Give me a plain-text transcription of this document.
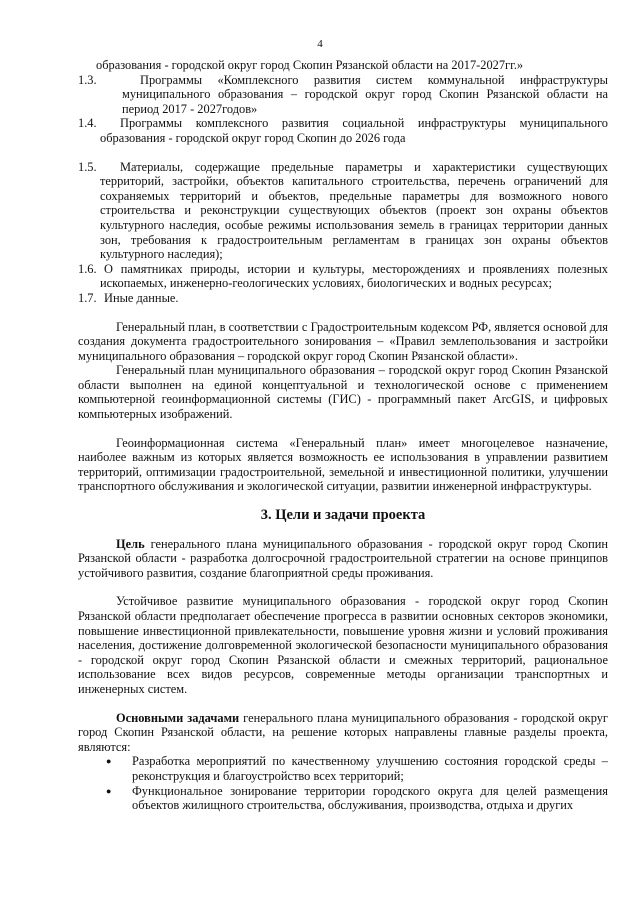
4
образования - городской округ город Скопин Рязанской области на 2017-2027гг.»
1.3.	Программы «Комплексного развития систем коммунальной инфраструктуры муниципального образования – городской округ город Скопин Рязанской области на период 2017 - 2027годов»
1.4.	Программы комплексного развития социальной инфраструктуры муниципального образования - городской округ город Скопин до 2026 года
1.5.	Материалы, содержащие предельные параметры и характеристики существующих территорий, застройки, объектов капитального строительства, перечень ограничений для сохраняемых территорий и объектов, предельные параметры для возможного нового строительства и реконструкции существующих объектов (проект зон охраны объектов культурного наследия, особые режимы использования земель в границах территории данных зон, требования к градостроительным регламентам в границах зон охраны объектов культурного наследия);
1.6. О памятниках природы, истории и культуры, месторождениях и проявлениях полезных ископаемых, инженерно-геологических условиях, биологических и водных ресурсах;
1.7. Иные данные.
Генеральный план, в соответствии с Градостроительным кодексом РФ, является основой для создания документа градостроительного зонирования – «Правил землепользования и застройки муниципального образования – городской округ город Скопин Рязанской области».
Генеральный план муниципального образования – городской округ город Скопин Рязанской области выполнен на единой концептуальной и технологической основе с применением компьютерной геоинформационной системы (ГИС) - программный пакет ArcGIS, и цифровых компьютерных изображений.
Геоинформационная система «Генеральный план» имеет многоцелевое назначение, наиболее важным из которых является возможность ее использования в управлении развитием территорий, оптимизации градостроительной, земельной и инвестиционной политики, улучшении транспортного обслуживания и экологической ситуации, развитии инженерной инфраструктуры.
3. Цели и задачи проекта
Цель генерального плана муниципального образования - городской округ город Скопин Рязанской области - разработка долгосрочной градостроительной стратегии на основе принципов устойчивого развития, создание благоприятной среды проживания.
Устойчивое развитие муниципального образования - городской округ город Скопин Рязанской области предполагает обеспечение прогресса в развитии основных секторов экономики, повышение инвестиционной привлекательности, повышение уровня жизни и условий проживания населения, достижение долговременной экологической безопасности муниципального образования - городской округ город Скопин Рязанской области и смежных территорий, рациональное использование всех видов ресурсов, современные методы организации транспортных и инженерных систем.
Основными задачами генерального плана муниципального образования - городской округ город Скопин Рязанской области, на решение которых направлены главные разделы проекта, являются:
●	Разработка мероприятий по качественному улучшению состояния городской среды – реконструкция и благоустройство всех территорий;
●	Функциональное зонирование территории городского округа для целей размещения объектов жилищного строительства, обслуживания, производства, отдыха и других
